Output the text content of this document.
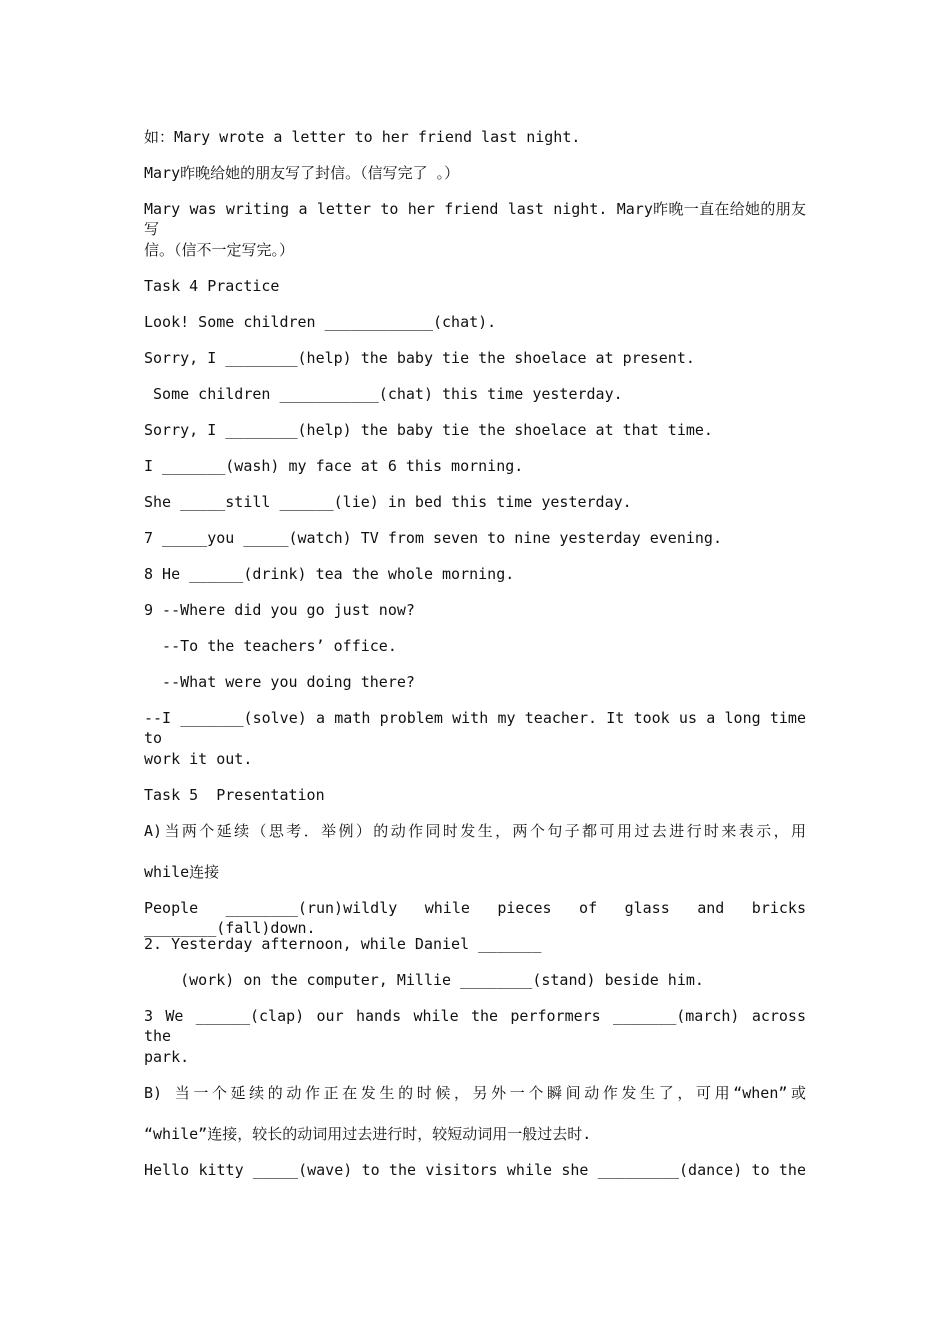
如：Mary wrote a letter to her friend last night.

Mary昨晚给她的朋友写了封信。（信写完了 。）

Mary was writing a letter to her friend last night. Mary昨晚一直在给她的朋友写

信。（信不一定写完。）

Task 4 Practice

Look! Some children ____________(chat).

Sorry, I ________(help) the baby tie the shoelace at present.

Some children ___________(chat) this time yesterday.

Sorry, I ________(help) the baby tie the shoelace at that time.

I _______(wash) my face at 6 this morning.

She _____still ______(lie) in bed this time yesterday.

7 _____you _____(watch) TV from seven to nine yesterday evening.

8 He ______(drink) tea the whole morning.

9 --Where did you go just now?

--To the teachers’ office.

--What were you doing there?

--I _______(solve) a math problem with my teacher. It took us a long time to

work it out.

Task 5  Presentation

A)当两个延续（思考．举例）的动作同时发生，两个句子都可用过去进行时来表示，用

while连接

People ________(run)wildly while pieces of glass and bricks ________(fall)down.

2. Yesterday afternoon, while Daniel _______

(work) on the computer, Millie ________(stand) beside him.

3 We ______(clap) our hands while the performers _______(march) across the

park.

B) 当一个延续的动作正在发生的时候，另外一个瞬间动作发生了，可用“when”或

“while”连接，较长的动词用过去进行时，较短动词用一般过去时.

Hello kitty _____(wave) to the visitors while she _________(dance) to the
